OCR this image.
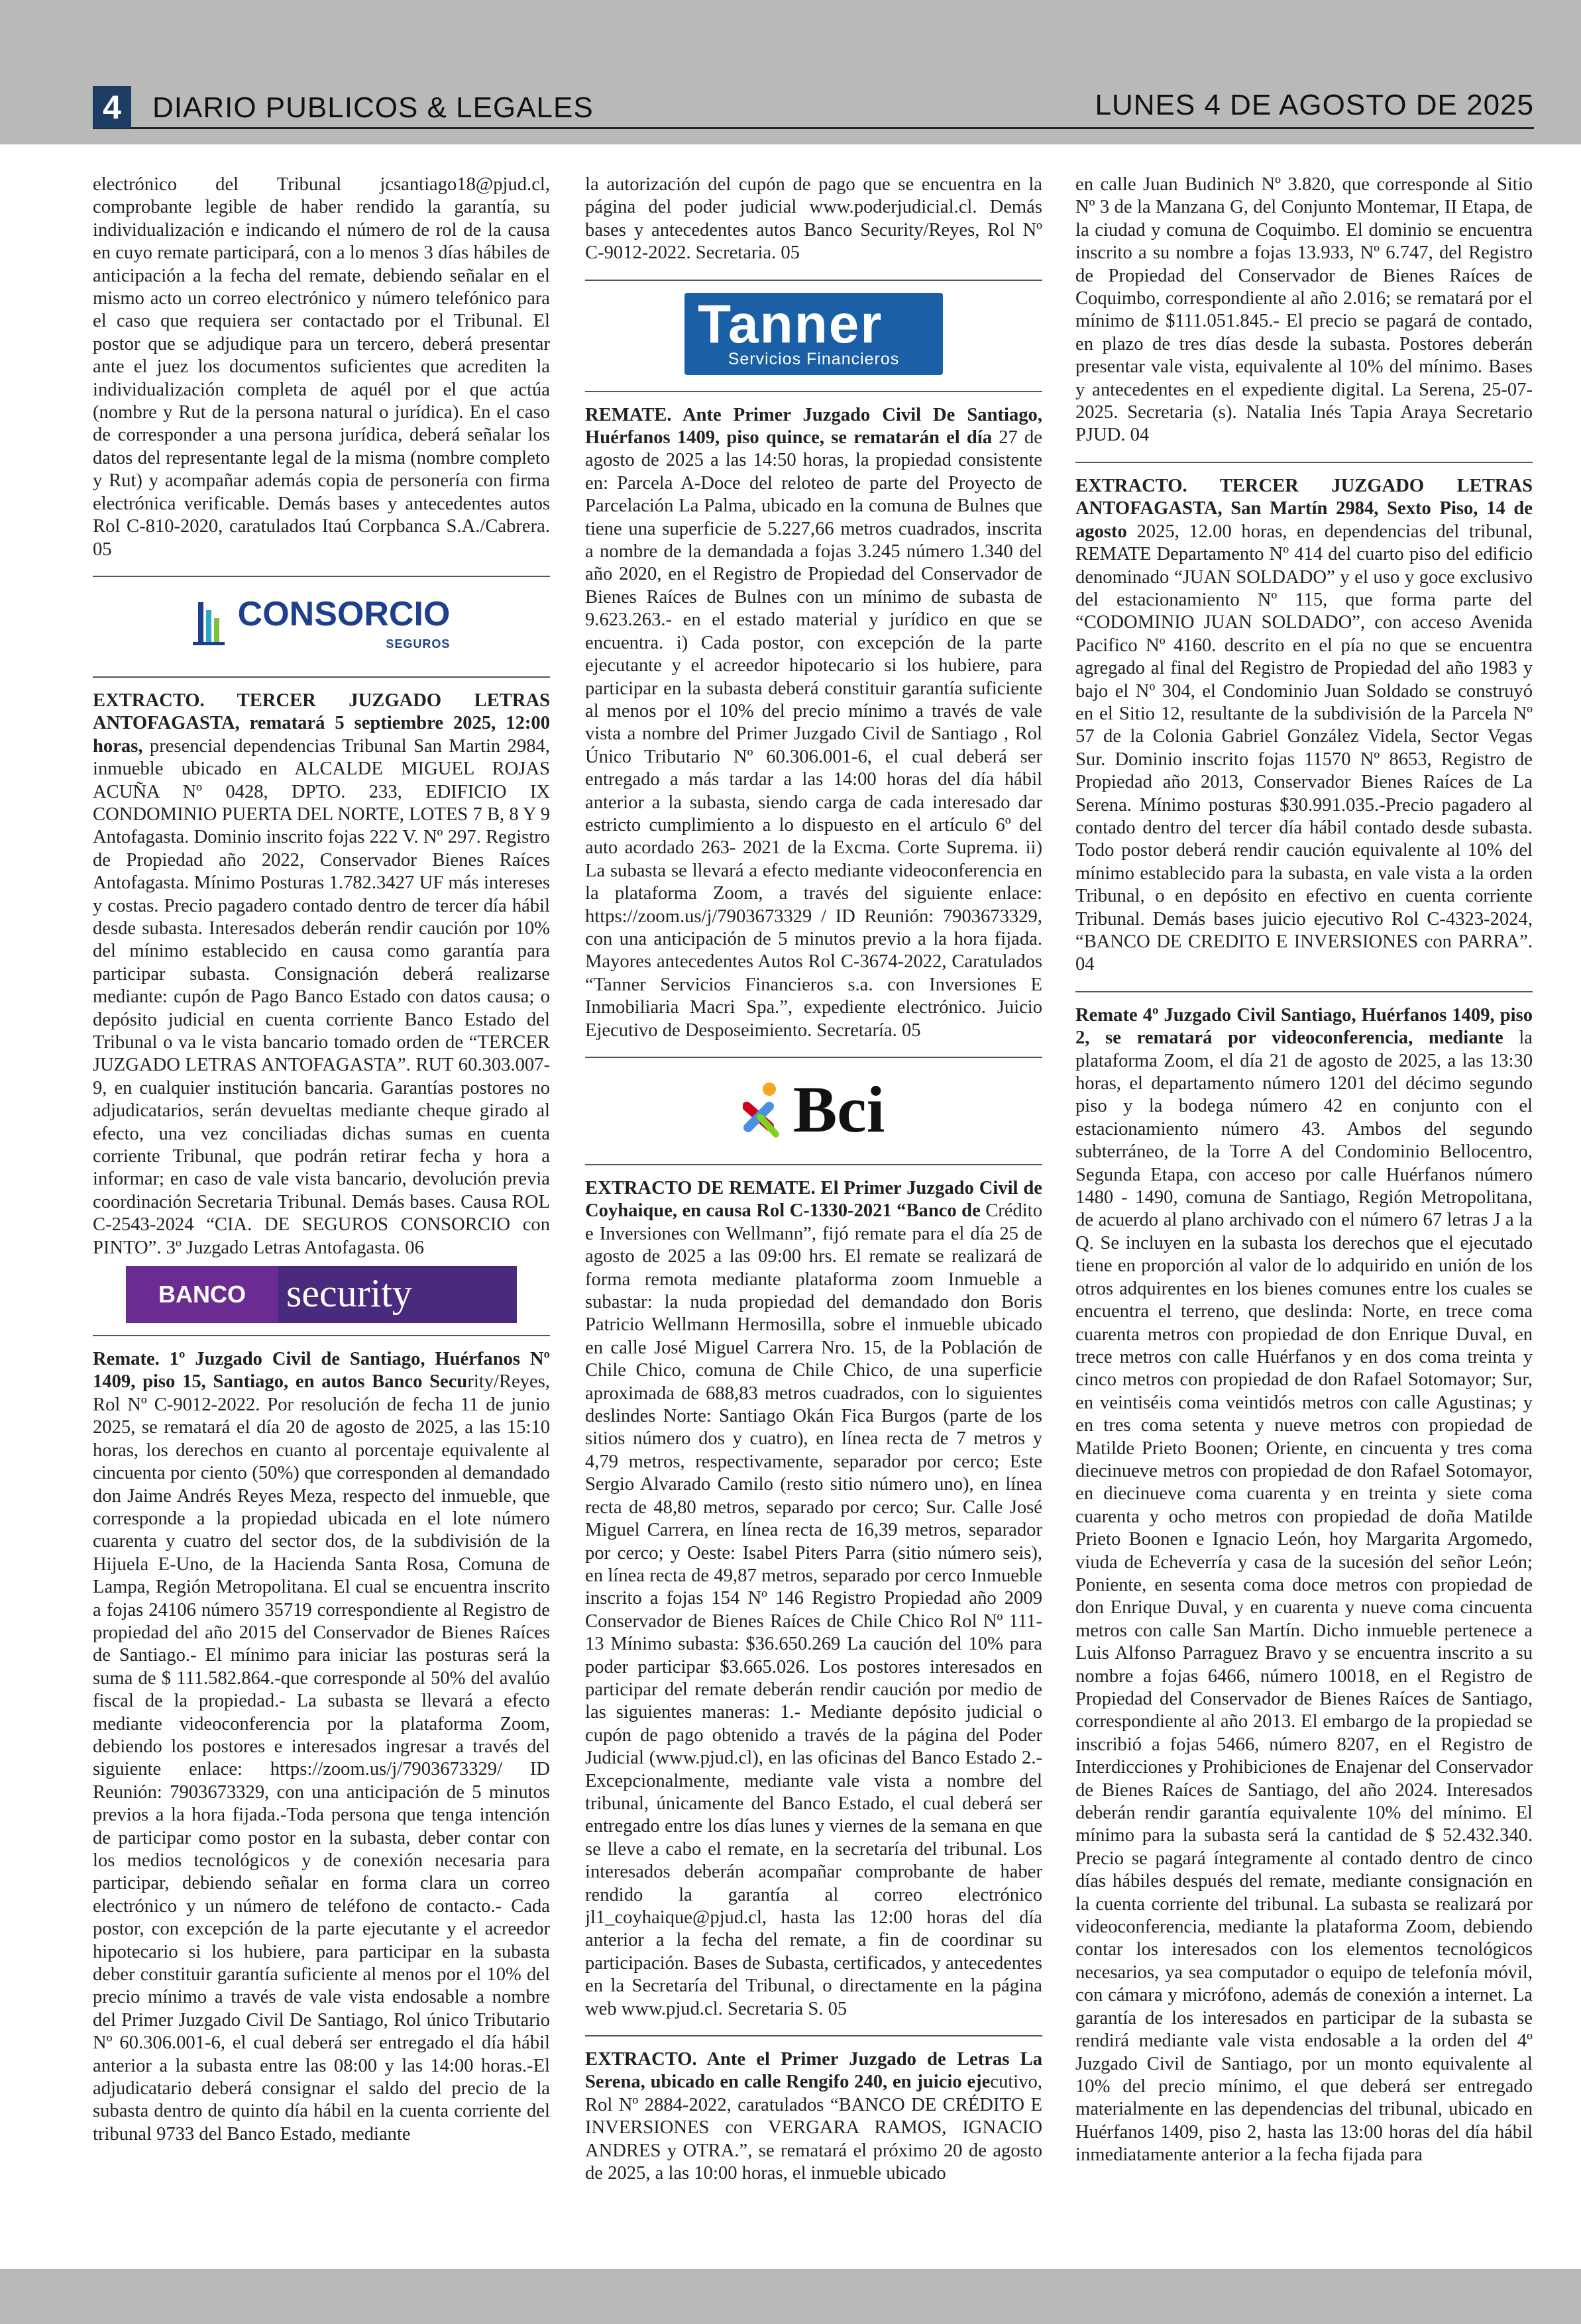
4	DIARIO PUBLICOS & LEGALES	LUNES 4 DE AGOSTO DE 2025

electrónico del Tribunal jcsantiago18@pjud.cl, comprobante legible de haber rendido la garantía, su individualización e indicando el número de rol de la causa en cuyo remate participará, con a lo menos 3 días hábiles de anticipación a la fecha del remate, debiendo señalar en el mismo acto un correo electrónico y número telefónico para el caso que requiera ser contactado por el Tribunal. El postor que se adjudique para un tercero, deberá presentar ante el juez los documentos suficientes que acrediten la individualización completa de aquél por el que actúa (nombre y Rut de la persona natural o jurídica). En el caso de corresponder a una persona jurídica, deberá señalar los datos del representante legal de la misma (nombre completo y Rut) y acompañar además copia de personería con firma electrónica verificable. Demás bases y antecedentes autos Rol C-810-2020, caratulados Itaú Corpbanca S.A./Cabrera. 05

CONSORCIO
SEGUROS

EXTRACTO. TERCER JUZGADO LETRAS ANTOFAGASTA, rematará 5 septiembre 2025, 12:00 horas, presencial dependencias Tribunal San Martin 2984, inmueble ubicado en ALCALDE MIGUEL ROJAS ACUÑA Nº 0428, DPTO. 233, EDIFICIO IX CONDOMINIO PUERTA DEL NORTE, LOTES 7 B, 8 Y 9 Antofagasta. Dominio inscrito fojas 222 V. Nº 297. Registro de Propiedad año 2022, Conservador Bienes Raíces Antofagasta. Mínimo Posturas 1.782.3427 UF más intereses y costas. Precio pagadero contado dentro de tercer día hábil desde subasta. Interesados deberán rendir caución por 10% del mínimo establecido en causa como garantía para participar subasta. Consignación deberá realizarse mediante: cupón de Pago Banco Estado con datos causa; o depósito judicial en cuenta corriente Banco Estado del Tribunal o va le vista bancario tomado orden de “TERCER JUZGADO LETRAS ANTOFAGASTA”. RUT 60.303.007-9, en cualquier institución bancaria. Garantías postores no adjudicatarios, serán devueltas mediante cheque girado al efecto, una vez conciliadas dichas sumas en cuenta corriente Tribunal, que podrán retirar fecha y hora a informar; en caso de vale vista bancario, devolución previa coordinación Secretaria Tribunal. Demás bases. Causa ROL C-2543-2024 “CIA. DE SEGUROS CONSORCIO con PINTO”. 3º Juzgado Letras Antofagasta. 06

BANCO	security

Remate. 1º Juzgado Civil de Santiago, Huérfanos Nº 1409, piso 15, Santiago, en autos Banco Security/Reyes, Rol Nº C-9012-2022. Por resolución de fecha 11 de junio 2025, se rematará el día 20 de agosto de 2025, a las 15:10 horas, los derechos en cuanto al porcentaje equivalente al cincuenta por ciento (50%) que corresponden al demandado don Jaime Andrés Reyes Meza, respecto del inmueble, que corresponde a la propiedad ubicada en el lote número cuarenta y cuatro del sector dos, de la subdivisión de la Hijuela E-Uno, de la Hacienda Santa Rosa, Comuna de Lampa, Región Metropolitana. El cual se encuentra inscrito a fojas 24106 número 35719 correspondiente al Registro de propiedad del año 2015 del Conservador de Bienes Raíces de Santiago.- El mínimo para iniciar las posturas será la suma de $ 111.582.864.-que corresponde al 50% del avalúo fiscal de la propiedad.- La subasta se llevará a efecto mediante videoconferencia por la plataforma Zoom, debiendo los postores e interesados ingresar a través del siguiente enlace: https://zoom.us/j/7903673329/ ID Reunión: 7903673329, con una anticipación de 5 minutos previos a la hora fijada.-Toda persona que tenga intención de participar como postor en la subasta, deber contar con los medios tecnológicos y de conexión necesaria para participar, debiendo señalar en forma clara un correo electrónico y un número de teléfono de contacto.- Cada postor, con excepción de la parte ejecutante y el acreedor hipotecario si los hubiere, para participar en la subasta deber constituir garantía suficiente al menos por el 10% del precio mínimo a través de vale vista endosable a nombre del Primer Juzgado Civil De Santiago, Rol único Tributario Nº 60.306.001-6, el cual deberá ser entregado el día hábil anterior a la subasta entre las 08:00 y las 14:00 horas.-El adjudicatario deberá consignar el saldo del precio de la subasta dentro de quinto día hábil en la cuenta corriente del tribunal 9733 del Banco Estado, mediante

la autorización del cupón de pago que se encuentra en la página del poder judicial www.poderjudicial.cl. Demás bases y antecedentes autos Banco Security/Reyes, Rol Nº C-9012-2022. Secretaria. 05

Tanner
Servicios Financieros

REMATE. Ante Primer Juzgado Civil De Santiago, Huérfanos 1409, piso quince, se rematarán el día 27 de agosto de 2025 a las 14:50 horas, la propiedad consistente en: Parcela A-Doce del reloteo de parte del Proyecto de Parcelación La Palma, ubicado en la comuna de Bulnes que tiene una superficie de 5.227,66 metros cuadrados, inscrita a nombre de la demandada a fojas 3.245 número 1.340 del año 2020, en el Registro de Propiedad del Conservador de Bienes Raíces de Bulnes con un mínimo de subasta de 9.623.263.- en el estado material y jurídico en que se encuentra. i) Cada postor, con excepción de la parte ejecutante y el acreedor hipotecario si los hubiere, para participar en la subasta deberá constituir garantía suficiente al menos por el 10% del precio mínimo a través de vale vista a nombre del Primer Juzgado Civil de Santiago , Rol Único Tributario Nº 60.306.001-6, el cual deberá ser entregado a más tardar a las 14:00 horas del día hábil anterior a la subasta, siendo carga de cada interesado dar estricto cumplimiento a lo dispuesto en el artículo 6º del auto acordado 263- 2021 de la Excma. Corte Suprema. ii) La subasta se llevará a efecto mediante videoconferencia en la plataforma Zoom, a través del siguiente enlace: https://zoom.us/j/7903673329 / ID Reunión: 7903673329, con una anticipación de 5 minutos previo a la hora fijada. Mayores antecedentes Autos Rol C-3674-2022, Caratulados “Tanner Servicios Financieros s.a. con Inversiones E Inmobiliaria Macri Spa.”, expediente electrónico. Juicio Ejecutivo de Desposeimiento. Secretaría. 05

Bci

EXTRACTO DE REMATE. El Primer Juzgado Civil de Coyhaique, en causa Rol C-1330-2021 “Banco de Crédito e Inversiones con Wellmann”, fijó remate para el día 25 de agosto de 2025 a las 09:00 hrs. El remate se realizará de forma remota mediante plataforma zoom Inmueble a subastar: la nuda propiedad del demandado don Boris Patricio Wellmann Hermosilla, sobre el inmueble ubicado en calle José Miguel Carrera Nro. 15, de la Población de Chile Chico, comuna de Chile Chico, de una superficie aproximada de 688,83 metros cuadrados, con lo siguientes deslindes Norte: Santiago Okán Fica Burgos (parte de los sitios número dos y cuatro), en línea recta de 7 metros y 4,79 metros, respectivamente, separador por cerco; Este Sergio Alvarado Camilo (resto sitio número uno), en línea recta de 48,80 metros, separado por cerco; Sur. Calle José Miguel Carrera, en línea recta de 16,39 metros, separador por cerco; y Oeste: Isabel Piters Parra (sitio número seis), en línea recta de 49,87 metros, separado por cerco Inmueble inscrito a fojas 154 Nº 146 Registro Propiedad año 2009 Conservador de Bienes Raíces de Chile Chico Rol Nº 111-13 Mínimo subasta: $36.650.269 La caución del 10% para poder participar $3.665.026. Los postores interesados en participar del remate deberán rendir caución por medio de las siguientes maneras: 1.- Mediante depósito judicial o cupón de pago obtenido a través de la página del Poder Judicial (www.pjud.cl), en las oficinas del Banco Estado 2.- Excepcionalmente, mediante vale vista a nombre del tribunal, únicamente del Banco Estado, el cual deberá ser entregado entre los días lunes y viernes de la semana en que se lleve a cabo el remate, en la secretaría del tribunal. Los interesados deberán acompañar comprobante de haber rendido la garantía al correo electrónico jl1_coyhaique@pjud.cl, hasta las 12:00 horas del día anterior a la fecha del remate, a fin de coordinar su participación. Bases de Subasta, certificados, y antecedentes en la Secretaría del Tribunal, o directamente en la página web www.pjud.cl. Secretaria S. 05

EXTRACTO. Ante el Primer Juzgado de Letras La Serena, ubicado en calle Rengifo 240, en juicio ejecutivo, Rol Nº 2884-2022, caratulados “BANCO DE CRÉDITO E INVERSIONES con VERGARA RAMOS, IGNACIO ANDRES y OTRA.”, se rematará el próximo 20 de agosto de 2025, a las 10:00 horas, el inmueble ubicado

en calle Juan Budinich Nº 3.820, que corresponde al Sitio Nº 3 de la Manzana G, del Conjunto Montemar, II Etapa, de la ciudad y comuna de Coquimbo. El dominio se encuentra inscrito a su nombre a fojas 13.933, Nº 6.747, del Registro de Propiedad del Conservador de Bienes Raíces de Coquimbo, correspondiente al año 2.016; se rematará por el mínimo de $111.051.845.- El precio se pagará de contado, en plazo de tres días desde la subasta. Postores deberán presentar vale vista, equivalente al 10% del mínimo. Bases y antecedentes en el expediente digital. La Serena, 25-07-2025. Secretaria (s). Natalia Inés Tapia Araya Secretario PJUD. 04

EXTRACTO. TERCER JUZGADO LETRAS ANTOFAGASTA, San Martín 2984, Sexto Piso, 14 de agosto 2025, 12.00 horas, en dependencias del tribunal, REMATE Departamento Nº 414 del cuarto piso del edificio denominado “JUAN SOLDADO” y el uso y goce exclusivo del estacionamiento Nº 115, que forma parte del “CODOMINIO JUAN SOLDADO”, con acceso Avenida Pacifico Nº 4160. descrito en el pía no que se encuentra agregado al final del Registro de Propiedad del año 1983 y bajo el Nº 304, el Condominio Juan Soldado se construyó en el Sitio 12, resultante de la subdivisión de la Parcela Nº 57 de la Colonia Gabriel González Videla, Sector Vegas Sur. Dominio inscrito fojas 11570 Nº 8653, Registro de Propiedad año 2013, Conservador Bienes Raíces de La Serena. Mínimo posturas $30.991.035.-Precio pagadero al contado dentro del tercer día hábil contado desde subasta. Todo postor deberá rendir caución equivalente al 10% del mínimo establecido para la subasta, en vale vista a la orden Tribunal, o en depósito en efectivo en cuenta corriente Tribunal. Demás bases juicio ejecutivo Rol C-4323-2024, “BANCO DE CREDITO E INVERSIONES con PARRA”. 04

Remate 4º Juzgado Civil Santiago, Huérfanos 1409, piso 2, se rematará por videoconferencia, mediante la plataforma Zoom, el día 21 de agosto de 2025, a las 13:30 horas, el departamento número 1201 del décimo segundo piso y la bodega número 42 en conjunto con el estacionamiento número 43. Ambos del segundo subterráneo, de la Torre A del Condominio Bellocentro, Segunda Etapa, con acceso por calle Huérfanos número 1480 - 1490, comuna de Santiago, Región Metropolitana, de acuerdo al plano archivado con el número 67 letras J a la Q. Se incluyen en la subasta los derechos que el ejecutado tiene en proporción al valor de lo adquirido en unión de los otros adquirentes en los bienes comunes entre los cuales se encuentra el terreno, que deslinda: Norte, en trece coma cuarenta metros con propiedad de don Enrique Duval, en trece metros con calle Huérfanos y en dos coma treinta y cinco metros con propiedad de don Rafael Sotomayor; Sur, en veintiséis coma veintidós metros con calle Agustinas; y en tres coma setenta y nueve metros con propiedad de Matilde Prieto Boonen; Oriente, en cincuenta y tres coma diecinueve metros con propiedad de don Rafael Sotomayor, en diecinueve coma cuarenta y en treinta y siete coma cuarenta y ocho metros con propiedad de doña Matilde Prieto Boonen e Ignacio León, hoy Margarita Argomedo, viuda de Echeverría y casa de la sucesión del señor León; Poniente, en sesenta coma doce metros con propiedad de don Enrique Duval, y en cuarenta y nueve coma cincuenta metros con calle San Martín. Dicho inmueble pertenece a Luis Alfonso Parraguez Bravo y se encuentra inscrito a su nombre a fojas 6466, número 10018, en el Registro de Propiedad del Conservador de Bienes Raíces de Santiago, correspondiente al año 2013. El embargo de la propiedad se inscribió a fojas 5466, número 8207, en el Registro de Interdicciones y Prohibiciones de Enajenar del Conservador de Bienes Raíces de Santiago, del año 2024. Interesados deberán rendir garantía equivalente 10% del mínimo. El mínimo para la subasta será la cantidad de $ 52.432.340. Precio se pagará íntegramente al contado dentro de cinco días hábiles después del remate, mediante consignación en la cuenta corriente del tribunal. La subasta se realizará por videoconferencia, mediante la plataforma Zoom, debiendo contar los interesados con los elementos tecnológicos necesarios, ya sea computador o equipo de telefonía móvil, con cámara y micrófono, además de conexión a internet. La garantía de los interesados en participar de la subasta se rendirá mediante vale vista endosable a la orden del 4º Juzgado Civil de Santiago, por un monto equivalente al 10% del precio mínimo, el que deberá ser entregado materialmente en las dependencias del tribunal, ubicado en Huérfanos 1409, piso 2, hasta las 13:00 horas del día hábil inmediatamente anterior a la fecha fijada para
